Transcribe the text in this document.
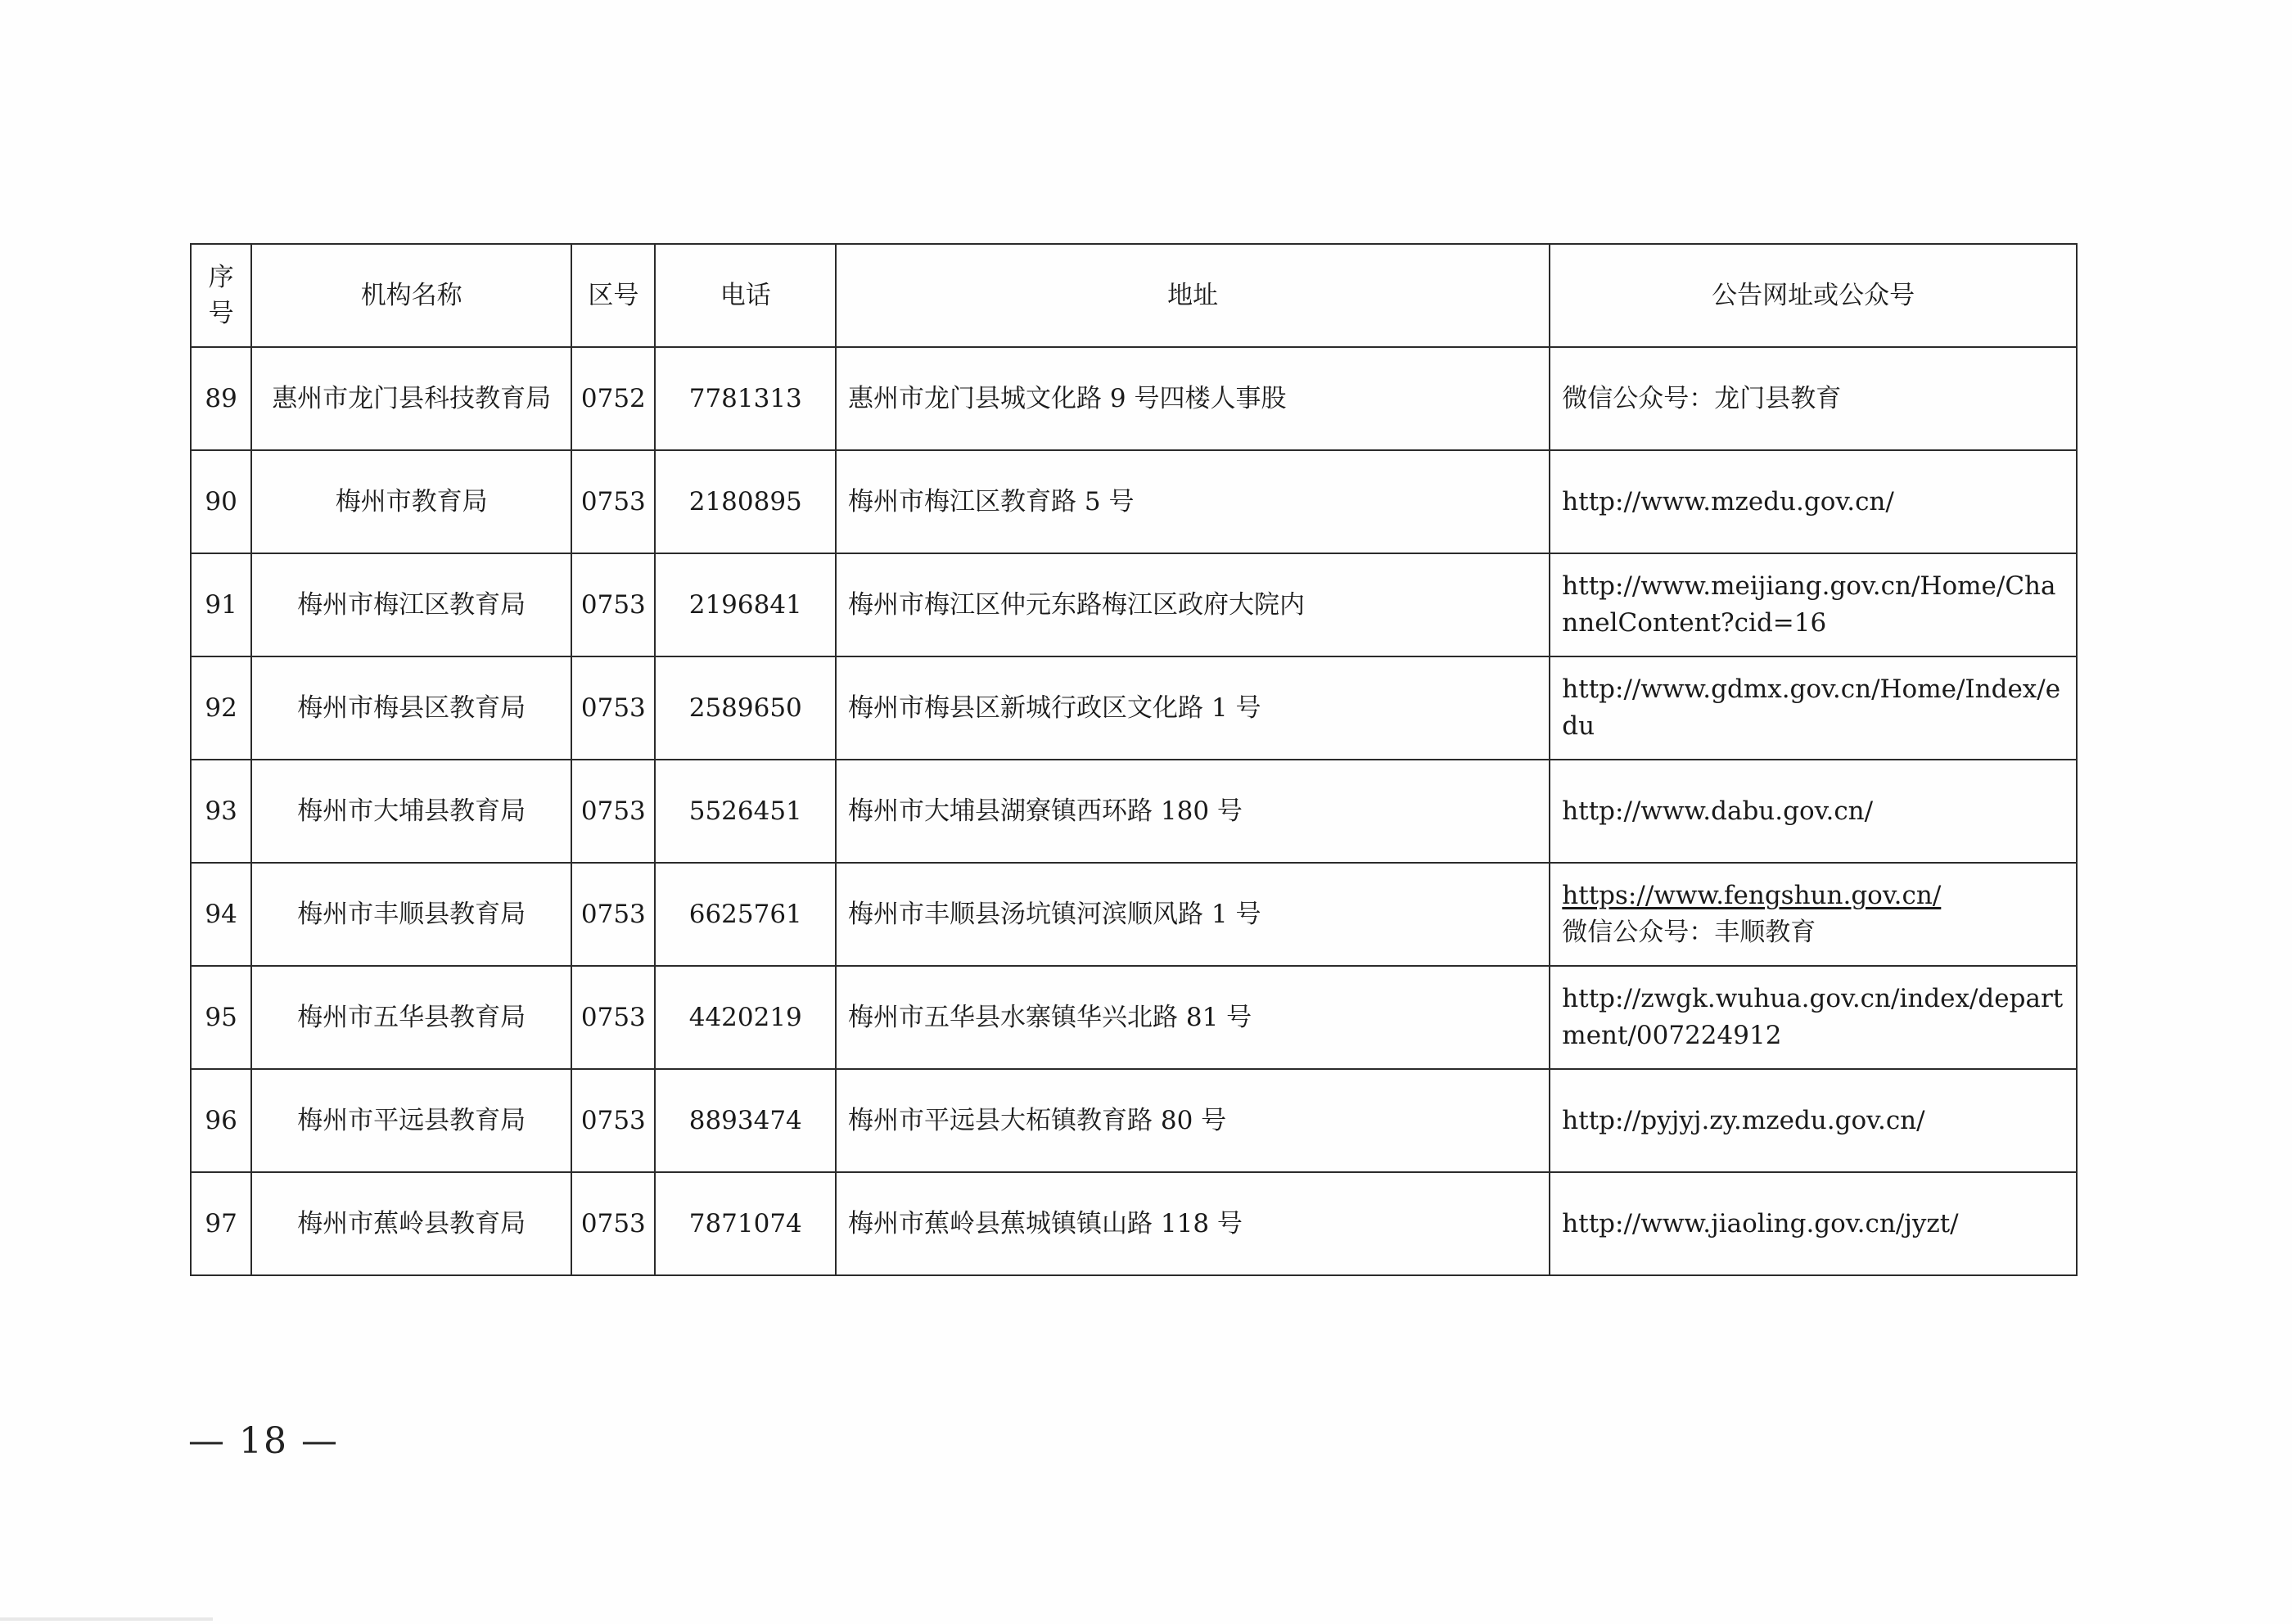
序
号	机构名称	区号	电话	地址	公告网址或公众号
89	惠州市龙门县科技教育局	0752	7781313	惠州市龙门县城文化路 9 号四楼人事股	微信公众号：龙门县教育

90	梅州市教育局	0753	2180895	梅州市梅江区教育路 5 号	http://www.mzedu.gov.cn/

91	梅州市梅江区教育局	0753	2196841	梅州市梅江区仲元东路梅江区政府大院内	http://www.meijiang.gov.cn/Home/ChannelContent?cid=16

92	梅州市梅县区教育局	0753	2589650	梅州市梅县区新城行政区文化路 1 号	http://www.gdmx.gov.cn/Home/Index/edu

93	梅州市大埔县教育局	0753	5526451	梅州市大埔县湖寮镇西环路 180 号	http://www.dabu.gov.cn/

94	梅州市丰顺县教育局	0753	6625761	梅州市丰顺县汤坑镇河滨顺风路 1 号	https://www.fengshun.gov.cn/
微信公众号：丰顺教育

95	梅州市五华县教育局	0753	4420219	梅州市五华县水寨镇华兴北路 81 号	http://zwgk.wuhua.gov.cn/index/department/007224912

96	梅州市平远县教育局	0753	8893474	梅州市平远县大柘镇教育路 80 号	http://pyjyj.zy.mzedu.gov.cn/

97	梅州市蕉岭县教育局	0753	7871074	梅州市蕉岭县蕉城镇镇山路 118 号	http://www.jiaoling.gov.cn/jyzt/
— 18 —
